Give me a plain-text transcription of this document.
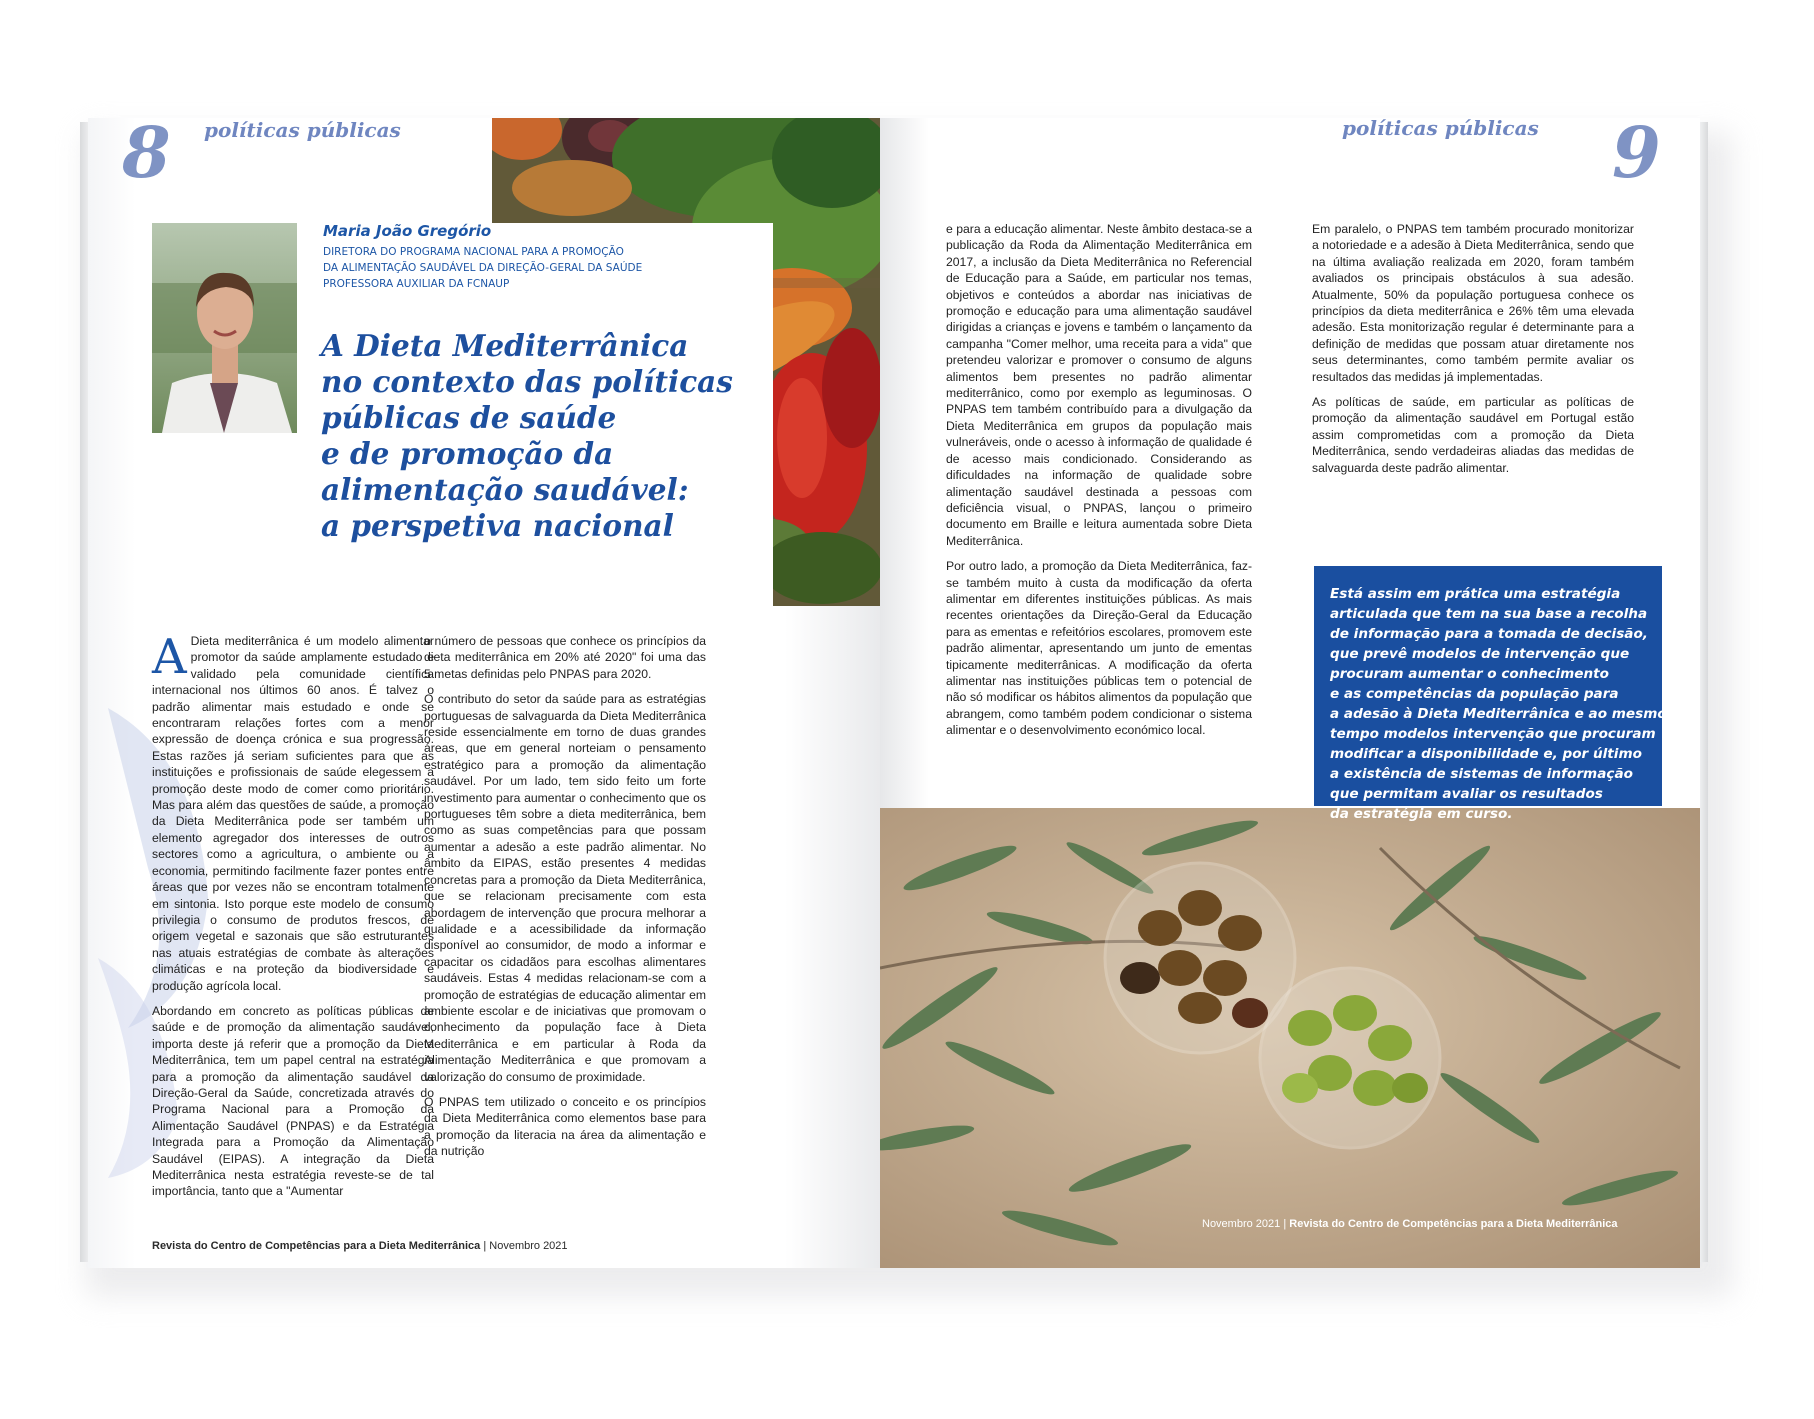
8 políticas públicas
Maria João Gregório
DIRETORA DO PROGRAMA NACIONAL PARA A PROMOÇÃO
DA ALIMENTAÇÃO SAUDÁVEL DA DIREÇÃO-GERAL DA SAÚDE
PROFESSORA AUXILIAR DA FCNAUP
A Dieta Mediterrânica
no contexto das políticas
públicas de saúde
e de promoção da
alimentação saudável:
a perspetiva nacional

A Dieta mediterrânica é um modelo alimentar promotor da saúde amplamente estudado e validado pela comunidade científica internacional nos últimos 60 anos. É talvez o padrão alimentar mais estudado e onde se encontraram relações fortes com a menor expressão de doença crónica e sua progressão. Estas razões já seriam suficientes para que as instituições e profissionais de saúde elegessem a promoção deste modo de comer como prioritário. Mas para além das questões de saúde, a promoção da Dieta Mediterrânica pode ser também um elemento agregador dos interesses de outros sectores como a agricultura, o ambiente ou a economia, permitindo facilmente fazer pontes entre áreas que por vezes não se encontram totalmente em sintonia. Isto porque este modelo de consumo privilegia o consumo de produtos frescos, de origem vegetal e sazonais que são estruturantes nas atuais estratégias de combate às alterações climáticas e na proteção da biodiversidade e produção agrícola local.

Abordando em concreto as políticas públicas de saúde e de promoção da alimentação saudável, importa deste já referir que a promoção da Dieta Mediterrânica, tem um papel central na estratégia para a promoção da alimentação saudável da Direção-Geral da Saúde, concretizada através do Programa Nacional para a Promoção da Alimentação Saudável (PNPAS) e da Estratégia Integrada para a Promoção da Alimentação Saudável (EIPAS). A integração da Dieta Mediterrânica nesta estratégia reveste-se de tal importância, tanto que a "Aumentar

o número de pessoas que conhece os princípios da dieta mediterrânica em 20% até 2020" foi uma das 5 metas definidas pelo PNPAS para 2020.

O contributo do setor da saúde para as estratégias portuguesas de salvaguarda da Dieta Mediterrânica reside essencialmente em torno de duas grandes áreas, que em general norteiam o pensamento estratégico para a promoção da alimentação saudável. Por um lado, tem sido feito um forte investimento para aumentar o conhecimento que os portugueses têm sobre a dieta mediterrânica, bem como as suas competências para que possam aumentar a adesão a este padrão alimentar. No âmbito da EIPAS, estão presentes 4 medidas concretas para a promoção da Dieta Mediterrânica, que se relacionam precisamente com esta abordagem de intervenção que procura melhorar a qualidade e a acessibilidade da informação disponível ao consumidor, de modo a informar e capacitar os cidadãos para escolhas alimentares saudáveis. Estas 4 medidas relacionam-se com a promoção de estratégias de educação alimentar em ambiente escolar e de iniciativas que promovam o conhecimento da população face à Dieta Mediterrânica e em particular à Roda da Alimentação Mediterrânica e que promovam a valorização do consumo de proximidade.

O PNPAS tem utilizado o conceito e os princípios da Dieta Mediterrânica como elementos base para a promoção da literacia na área da alimentação e da nutrição

Revista do Centro de Competências para a Dieta Mediterrânica | Novembro 2021
políticas públicas 9

e para a educação alimentar. Neste âmbito destaca-se a publicação da Roda da Alimentação Mediterrânica em 2017, a inclusão da Dieta Mediterrânica no Referencial de Educação para a Saúde, em particular nos temas, objetivos e conteúdos a abordar nas iniciativas de promoção e educação para uma alimentação saudável dirigidas a crianças e jovens e também o lançamento da campanha "Comer melhor, uma receita para a vida" que pretendeu valorizar e promover o consumo de alguns alimentos bem presentes no padrão alimentar mediterrânico, como por exemplo as leguminosas. O PNPAS tem também contribuído para a divulgação da Dieta Mediterrânica em grupos da população mais vulneráveis, onde o acesso à informação de qualidade é de acesso mais condicionado. Considerando as dificuldades na informação de qualidade sobre alimentação saudável destinada a pessoas com deficiência visual, o PNPAS, lançou o primeiro documento em Braille e leitura aumentada sobre Dieta Mediterrânica.

Por outro lado, a promoção da Dieta Mediterrânica, faz-se também muito à custa da modificação da oferta alimentar em diferentes instituições públicas. As mais recentes orientações da Direção-Geral da Educação para as ementas e refeitórios escolares, promovem este padrão alimentar, apresentando um junto de ementas tipicamente mediterrânicas. A modificação da oferta alimentar nas instituições públicas tem o potencial de não só modificar os hábitos alimentos da população que abrangem, como também podem condicionar o sistema alimentar e o desenvolvimento económico local.

Em paralelo, o PNPAS tem também procurado monitorizar a notoriedade e a adesão à Dieta Mediterrânica, sendo que na última avaliação realizada em 2020, foram também avaliados os principais obstáculos à sua adesão. Atualmente, 50% da população portuguesa conhece os princípios da dieta mediterrânica e 26% têm uma elevada adesão. Esta monitorização regular é determinante para a definição de medidas que possam atuar diretamente nos seus determinantes, como também permite avaliar os resultados das medidas já implementadas.

As políticas de saúde, em particular as políticas de promoção da alimentação saudável em Portugal estão assim comprometidas com a promoção da Dieta Mediterrânica, sendo verdadeiras aliadas das medidas de salvaguarda deste padrão alimentar.

Está assim em prática uma estratégia
articulada que tem na sua base a recolha
de informação para a tomada de decisão,
que prevê modelos de intervenção que
procuram aumentar o conhecimento
e as competências da população para
a adesão à Dieta Mediterrânica e ao mesmo
tempo modelos intervenção que procuram
modificar a disponibilidade e, por último
a existência de sistemas de informação
que permitam avaliar os resultados
da estratégia em curso.
Novembro 2021 | Revista do Centro de Competências para a Dieta Mediterrânica
